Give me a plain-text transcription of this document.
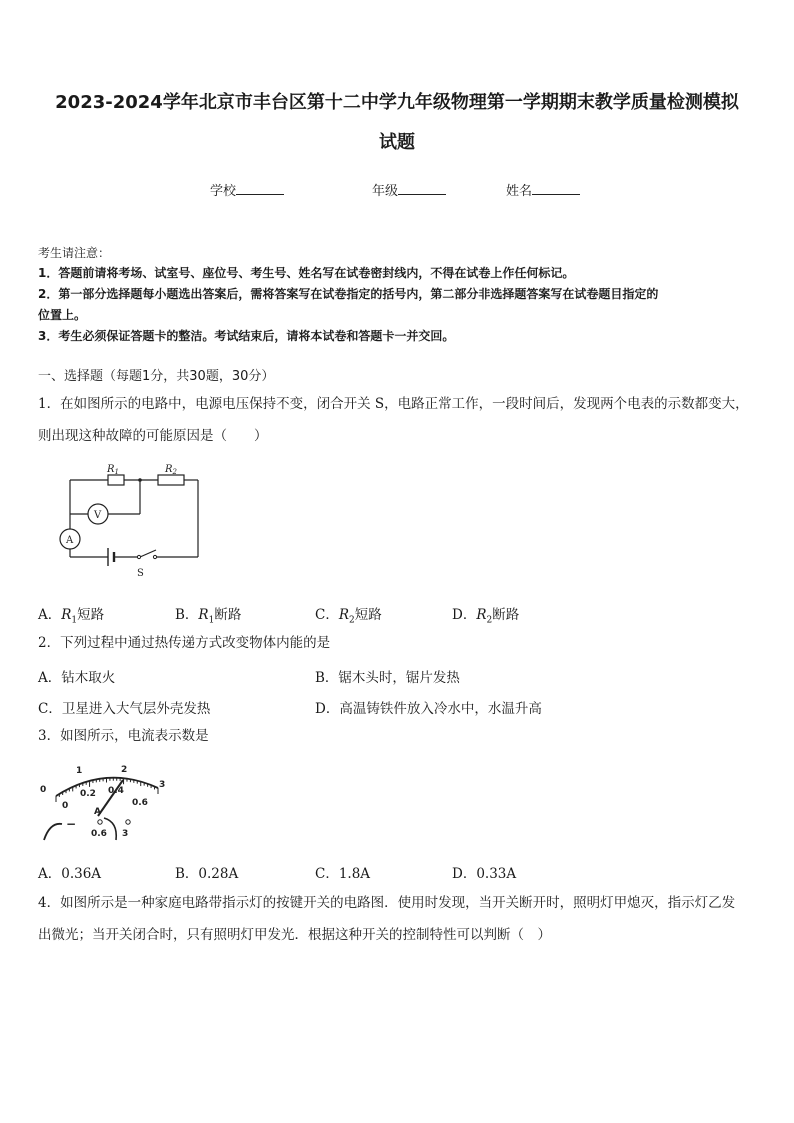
2023-2024学年北京市丰台区第十二中学九年级物理第一学期期末教学质量检测模拟
试题
学校	年级	姓名
考生请注意：
1．答题前请将考场、试室号、座位号、考生号、姓名写在试卷密封线内，不得在试卷上作任何标记。
2．第一部分选择题每小题选出答案后，需将答案写在试卷指定的括号内，第二部分非选择题答案写在试卷题目指定的
位置上。
3．考生必须保证答题卡的整洁。考试结束后，请将本试卷和答题卡一并交回。
一、选择题（每题1分，共30题，30分）
1．在如图所示的电路中，电源电压保持不变，闭合开关 S，电路正常工作，一段时间后，发现两个电表的示数都变大，
则出现这种故障的可能原因是（　　）
$R_1$	$R_2$
V
A
S
A．$R_1$短路	B．$R_1$断路	C．$R_2$短路	D．$R_2$断路
2．下列过程中通过热传递方式改变物体内能的是
A．钻木取火	B．锯木头时，锯片发热
C．卫星进入大气层外壳发热	D．高温铸铁件放入冷水中，水温升高
3．如图所示，电流表示数是
0
1	2
3
0
0.2 0.4
0.6
A
0.6 3
−
A．0.36A	B．0.28A	C．1.8A	D．0.33A
4．如图所示是一种家庭电路带指示灯的按键开关的电路图．使用时发现，当开关断开时，照明灯甲熄灭，指示灯乙发
出微光；当开关闭合时，只有照明灯甲发光．根据这种开关的控制特性可以判断（　）
